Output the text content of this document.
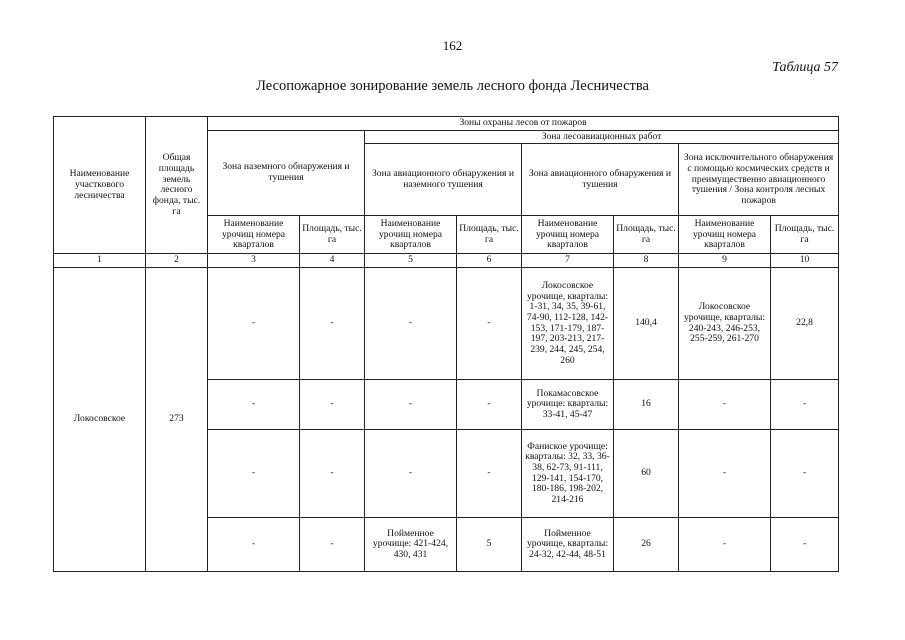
162
Таблица 57
Лесопожарное зонирование земель лесного фонда Лесничества
Наименование участкового лесничества	Общая площадь земель лесного фонда, тыс. га	Зоны охраны лесов от пожаров							
		Зона наземного обнаружения и тушения		Зона лесоавиационных работ					
				Зона авиационного обнаружения и наземного тушения		Зона авиационного обнаружения и тушения		Зона исключительного обнаружения с помощью космических средств и преимущественно авиационного тушения / Зона контроля лесных пожаров	
		Наименование урочищ номера кварталов	Площадь, тыс. га	Наименование урочищ номера кварталов	Площадь, тыс. га	Наименование урочищ номера кварталов	Площадь, тыс. га	Наименование урочищ номера кварталов	Площадь, тыс. га
1	2	3	4	5	6	7	8	9	10
Локосовское	273	-	-	-	-	Локосовское урочище, кварталы: 1-31, 34, 35, 39-61, 74-90, 112-128, 142-153, 171-179, 187-197, 203-213, 217-239, 244, 245, 254, 260	140,4	Локосовское урочище, кварталы: 240-243, 246-253, 255-259, 261-270	22,8
		-	-	-	-	Покамасовское урочище: кварталы: 33-41, 45-47	16	-	-
		-	-	-	-	Фаниское урочище: кварталы: 32, 33, 36-38, 62-73, 91-111, 129-141, 154-170, 180-186, 198-202, 214-216	60	-	-
		-	-	Пойменное урочище: 421-424, 430, 431	5	Пойменное урочище, кварталы: 24-32, 42-44, 48-51	26	-	-
